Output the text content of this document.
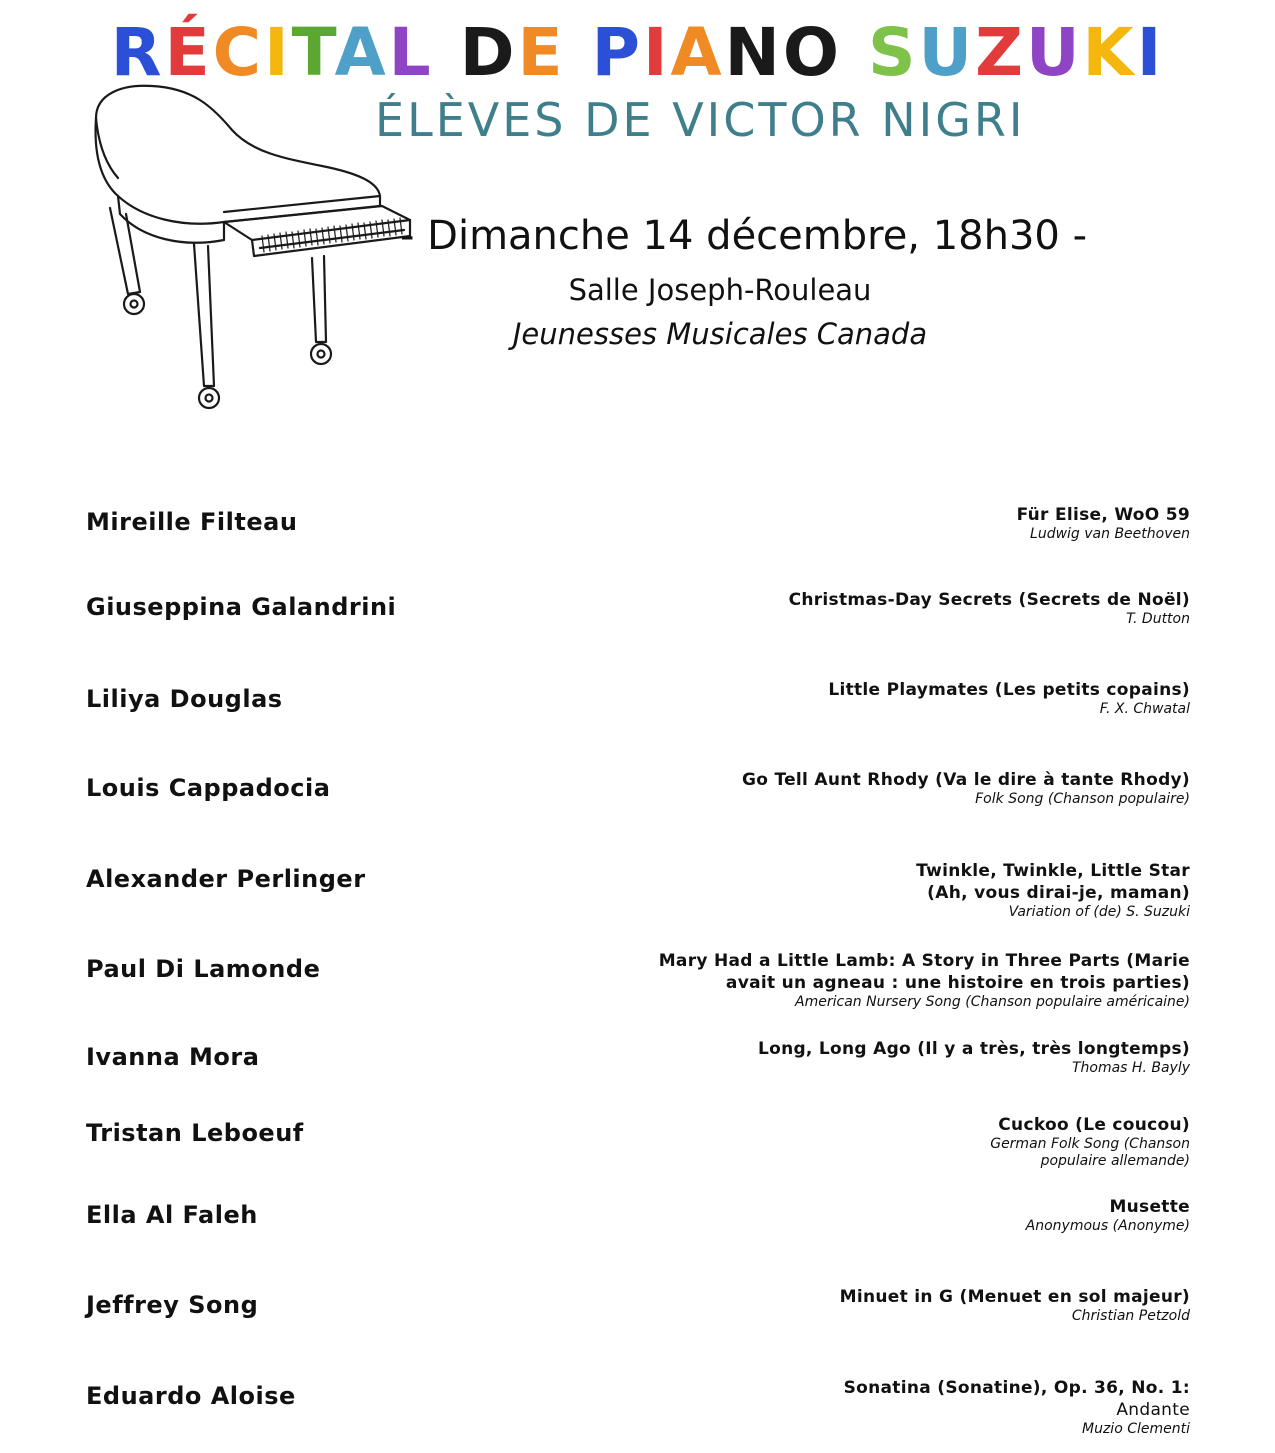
RÉCITAL DE PIANO SUZUKI
ÉLÈVES DE VICTOR NIGRI
- Dimanche 14 décembre, 18h30 -
Salle Joseph-Rouleau
Jeunesses Musicales Canada
Mireille Filteau	Für Elise, WoO 59
Ludwig van Beethoven
Giuseppina Galandrini	Christmas-Day Secrets (Secrets de Noël)
T. Dutton
Liliya Douglas	Little Playmates (Les petits copains)
F. X. Chwatal
Louis Cappadocia	Go Tell Aunt Rhody (Va le dire à tante Rhody)
Folk Song (Chanson populaire)
Alexander Perlinger	Twinkle, Twinkle, Little Star
(Ah, vous dirai-je, maman)
Variation of (de) S. Suzuki
Paul Di Lamonde	Mary Had a Little Lamb: A Story in Three Parts (Marie
avait un agneau : une histoire en trois parties)
American Nursery Song (Chanson populaire américaine)
Ivanna Mora	Long, Long Ago (Il y a très, très longtemps)
Thomas H. Bayly
Tristan Leboeuf	Cuckoo (Le coucou)
German Folk Song (Chanson
populaire allemande)
Ella Al Faleh	Musette
Anonymous (Anonyme)
Jeffrey Song	Minuet in G (Menuet en sol majeur)
Christian Petzold
Eduardo Aloise	Sonatina (Sonatine), Op. 36, No. 1:
Andante
Muzio Clementi
